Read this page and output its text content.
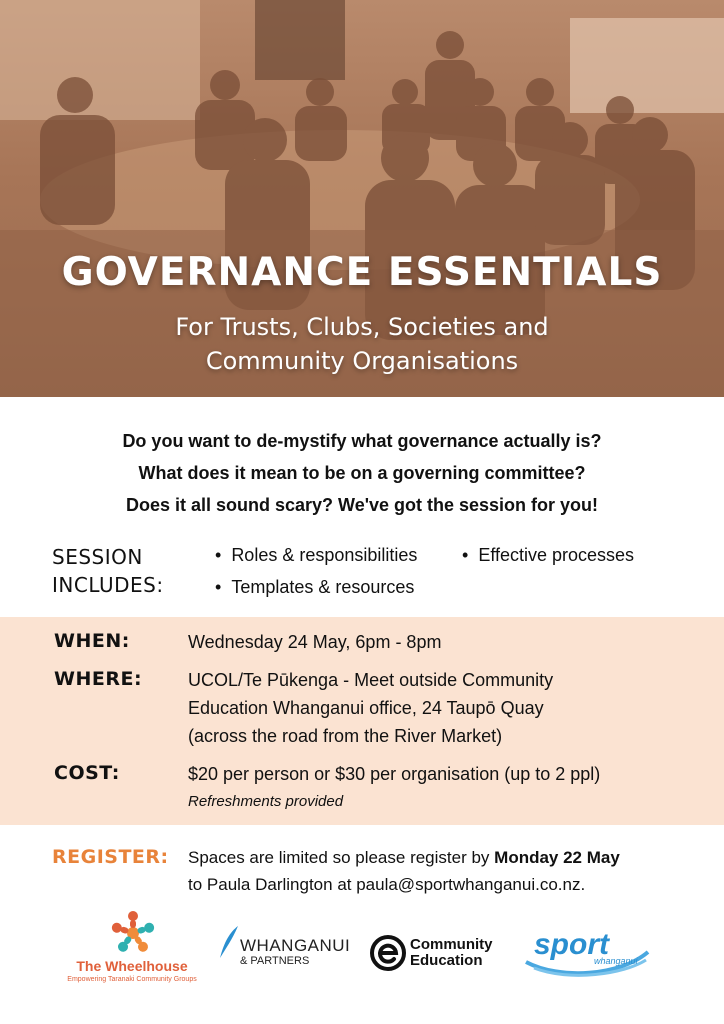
GOVERNANCE ESSENTIALS
For Trusts, Clubs, Societies and
Community Organisations
Do you want to de-mystify what governance actually is?
What does it mean to be on a governing committee?
Does it all sound scary? We've got the session for you!
SESSION
INCLUDES:
• Roles & responsibilities
•	Effective processes
• Templates & resources
WHEN:	Wednesday 24 May, 6pm - 8pm
WHERE:	UCOL/Te Pūkenga - Meet outside Community
Education Whanganui office, 24 Taupō Quay
(across the road from the River Market)
COST:	$20 per person or $30 per organisation (up to 2 ppl)
Refreshments provided
REGISTER: Spaces are limited so please register by Monday 22 May
to Paula Darlington at paula@sportwhanganui.co.nz.
The Wheelhouse
Empowering Taranaki Community Groups
WHANGANUI
& PARTNERS
Community
Education	sport
whanganui
